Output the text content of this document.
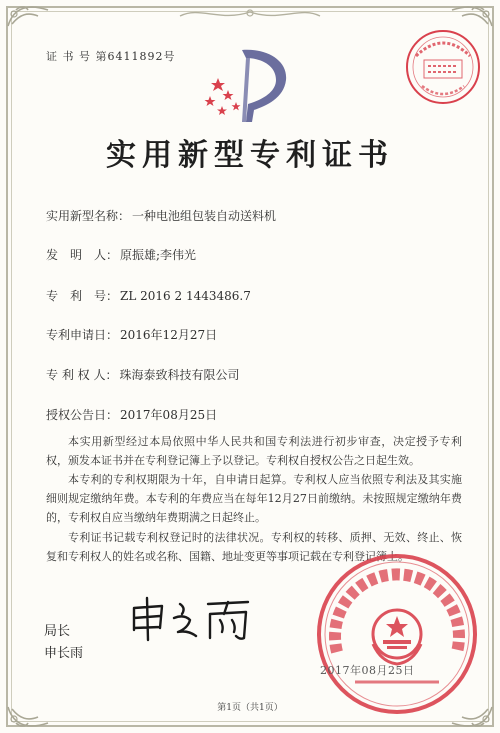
证 书 号 第6411892号
实用新型专利证书
实用新型名称： 一种电池组包装自动送料机
发　明　人： 原振雄;李伟光
专　利　号： ZL 2016 2 1443486.7
专利申请日： 2016年12月27日
专 利 权 人： 珠海泰致科技有限公司
授权公告日： 2017年08月25日
本实用新型经过本局依照中华人民共和国专利法进行初步审查，决定授予专利权，颁发本证书并在专利登记簿上予以登记。专利权自授权公告之日起生效。
本专利的专利权期限为十年，自申请日起算。专利权人应当依照专利法及其实施细则规定缴纳年费。本专利的年费应当在每年12月27日前缴纳。未按照规定缴纳年费的，专利权自应当缴纳年费期满之日起终止。
专利证书记载专利权登记时的法律状况。专利权的转移、质押、无效、终止、恢复和专利权人的姓名或名称、国籍、地址变更等事项记载在专利登记簿上。
局长
申长雨
2017年08月25日
第1页（共1页）
